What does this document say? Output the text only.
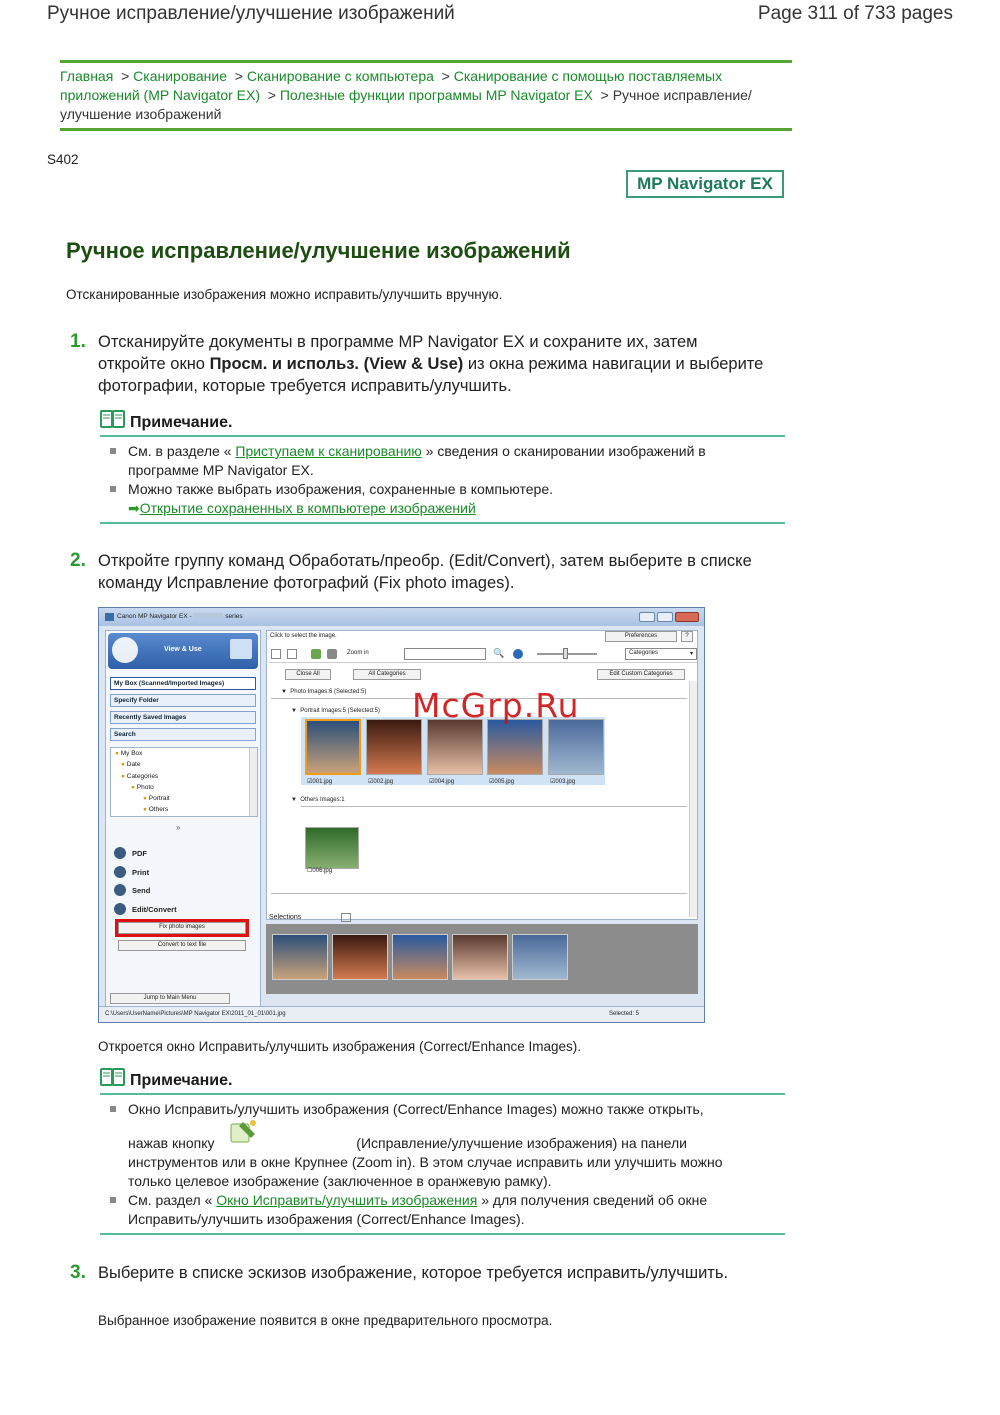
Ручное исправление/улучшение изображений	Page 311 of 733 pages
Главная  > Сканирование  > Сканирование с компьютера  > Сканирование с помощью поставляемых приложений (MP Navigator EX)  > Полезные функции программы MP Navigator EX  > Ручное исправление/улучшение изображений
S402
MP Navigator EX
Ручное исправление/улучшение изображений
Отсканированные изображения можно исправить/улучшить вручную.
1. Отсканируйте документы в программе MP Navigator EX и сохраните их, затем откройте окно Просм. и использ. (View & Use) из окна режима навигации и выберите фотографии, которые требуется исправить/улучшить.
Примечание.
См. в разделе « Приступаем к сканированию » сведения о сканировании изображений в программе MP Navigator EX.
Можно также выбрать изображения, сохраненные в компьютере.
➡Открытие сохраненных в компьютере изображений
2. Откройте группу команд Обработать/преобр. (Edit/Convert), затем выберите в списке команду Исправление фотографий (Fix photo images).
Canon MP Navigator EX -	series
View & Use
My Box (Scanned/Imported Images)
Specify Folder
Recently Saved Images
Search
● My Box
● Date
● Categories
● Photo
● Portrait
● Others
»
PDF
Print
Send
Edit/Convert
Fix photo images
Convert to text file
Jump to Main Menu
Click to select the image.	Preferences	?
Zoom in	🔍	Categories	▾
Close All	All Categories	Edit Custom Categories
▼  Photo Images:6 (Selected:5)
▼  Portrait Images:5 (Selected:5)
☑001.jpg	☑002.jpg	☑004.jpg	☑005.jpg	☑003.jpg
▼  Others Images:1
☐006.jpg
Selections
C:\Users\UserName\Pictures\MP Navigator EX\2011_01_01\001.jpg	Selected: 5
McGrp.Ru
Откроется окно Исправить/улучшить изображения (Correct/Enhance Images).
Примечание.
Окно Исправить/улучшить изображения (Correct/Enhance Images) можно также открыть,
нажав кнопку	(Исправление/улучшение изображения) на панели инструментов или в окне Крупнее (Zoom in). В этом случае исправить или улучшить можно только целевое изображение (заключенное в оранжевую рамку).
См. раздел « Окно Исправить/улучшить изображения » для получения сведений об окне Исправить/улучшить изображения (Correct/Enhance Images).
3. Выберите в списке эскизов изображение, которое требуется исправить/улучшить.
Выбранное изображение появится в окне предварительного просмотра.
